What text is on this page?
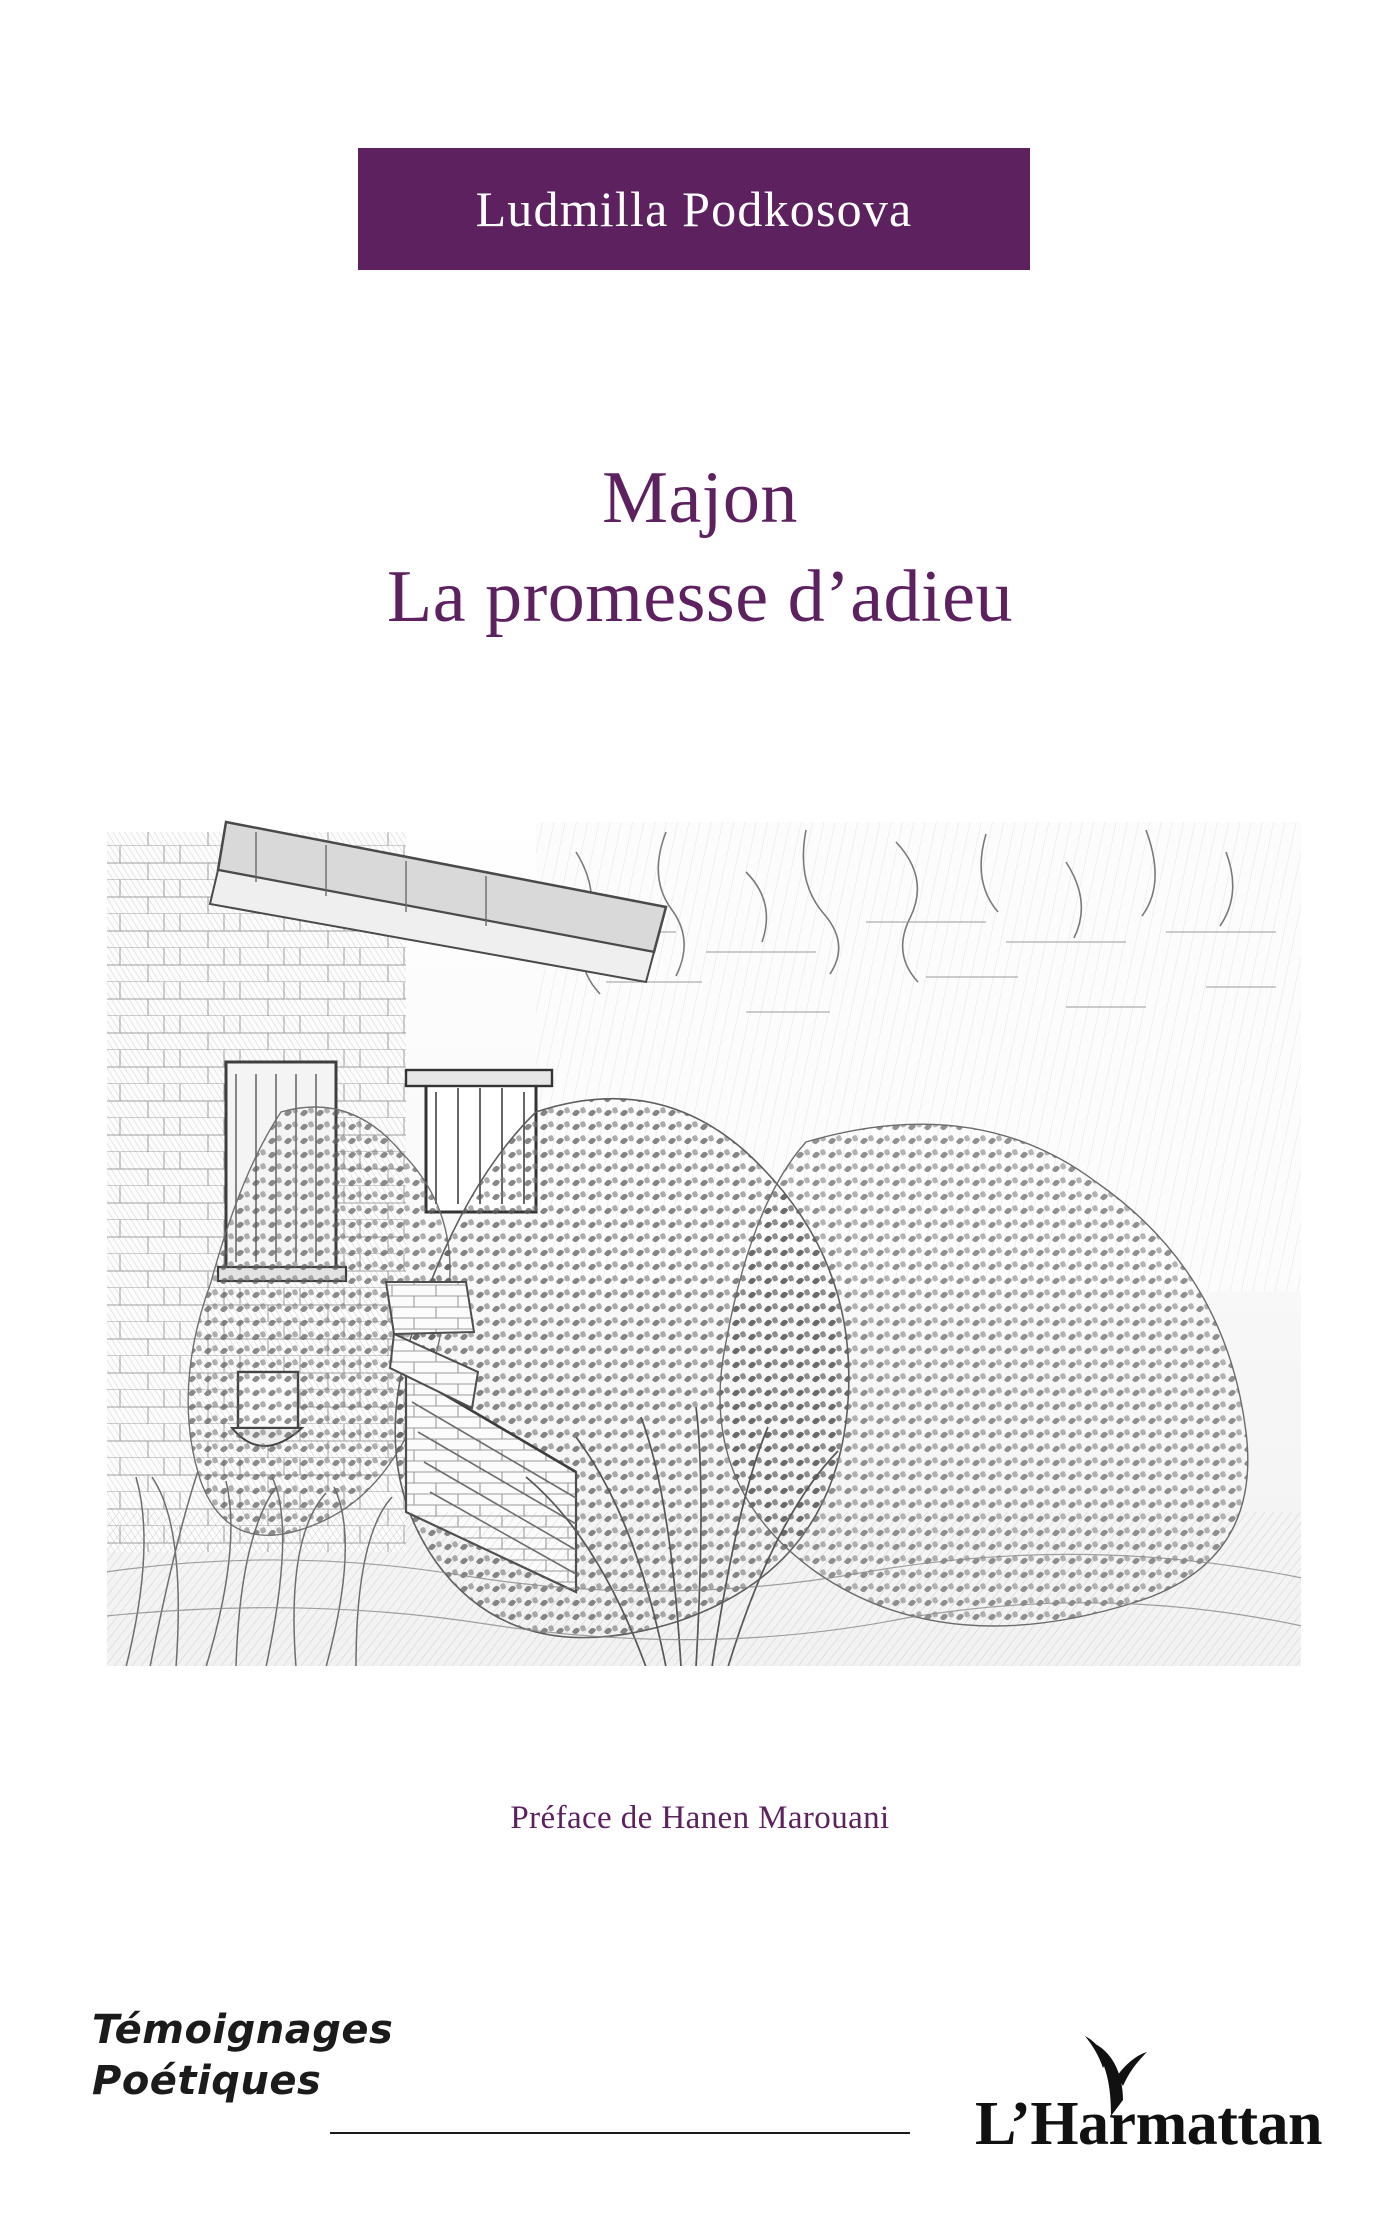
Ludmilla Podkosova
Majon
La promesse d’adieu
Préface de Hanen Marouani
Témoignages
Poétiques
L’Harmattan
